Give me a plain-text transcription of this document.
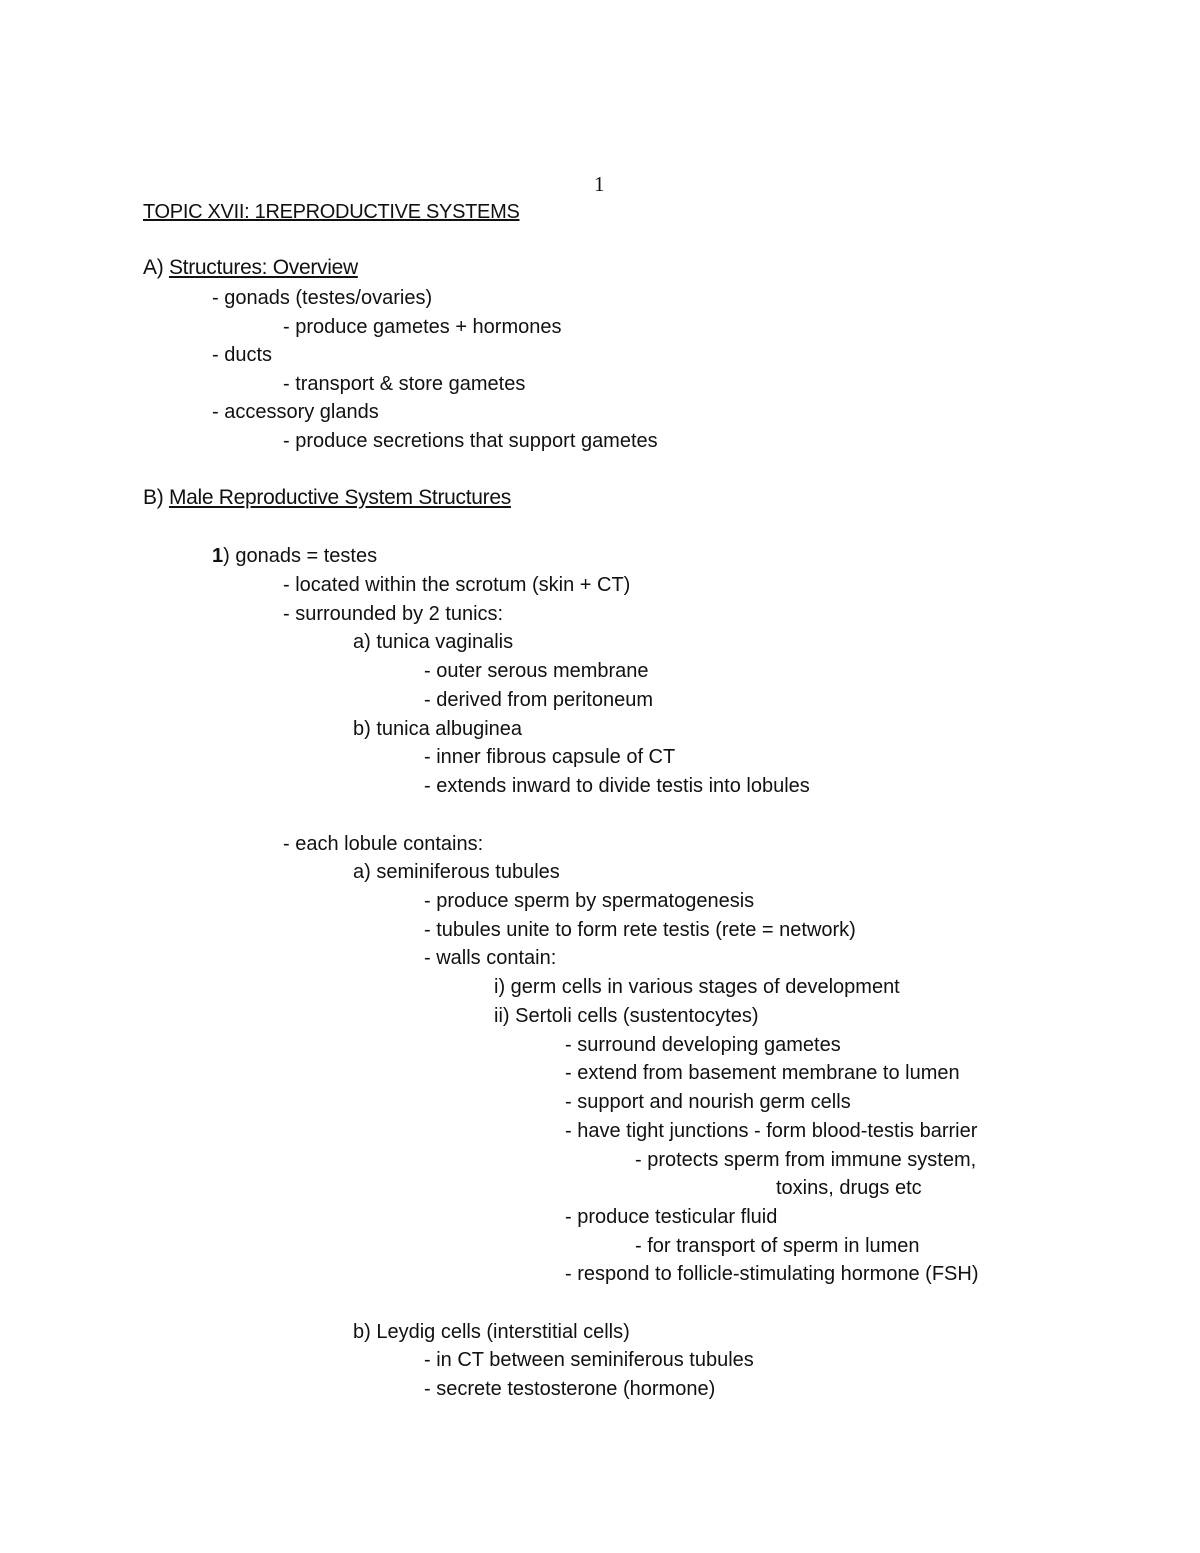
1
TOPIC XVII: 1REPRODUCTIVE SYSTEMS
A) Structures: Overview
- gonads (testes/ovaries)
- produce gametes + hormones
- ducts
- transport & store gametes
- accessory glands
- produce secretions that support gametes
B) Male Reproductive System Structures
1) gonads = testes
- located within the scrotum (skin + CT)
- surrounded by 2 tunics:
a) tunica vaginalis
- outer serous membrane
- derived from peritoneum
b) tunica albuginea
- inner fibrous capsule of CT
- extends inward to divide testis into lobules
- each lobule contains:
a) seminiferous tubules
- produce sperm by spermatogenesis
- tubules unite to form rete testis (rete = network)
- walls contain:
i) germ cells in various stages of development
ii) Sertoli cells (sustentocytes)
- surround developing gametes
- extend from basement membrane to lumen
- support and nourish germ cells
- have tight junctions - form blood-testis barrier
- protects sperm from immune system,
toxins, drugs etc
- produce testicular fluid
- for transport of sperm in lumen
- respond to follicle-stimulating hormone (FSH)
b) Leydig cells (interstitial cells)
- in CT between seminiferous tubules
- secrete testosterone (hormone)
